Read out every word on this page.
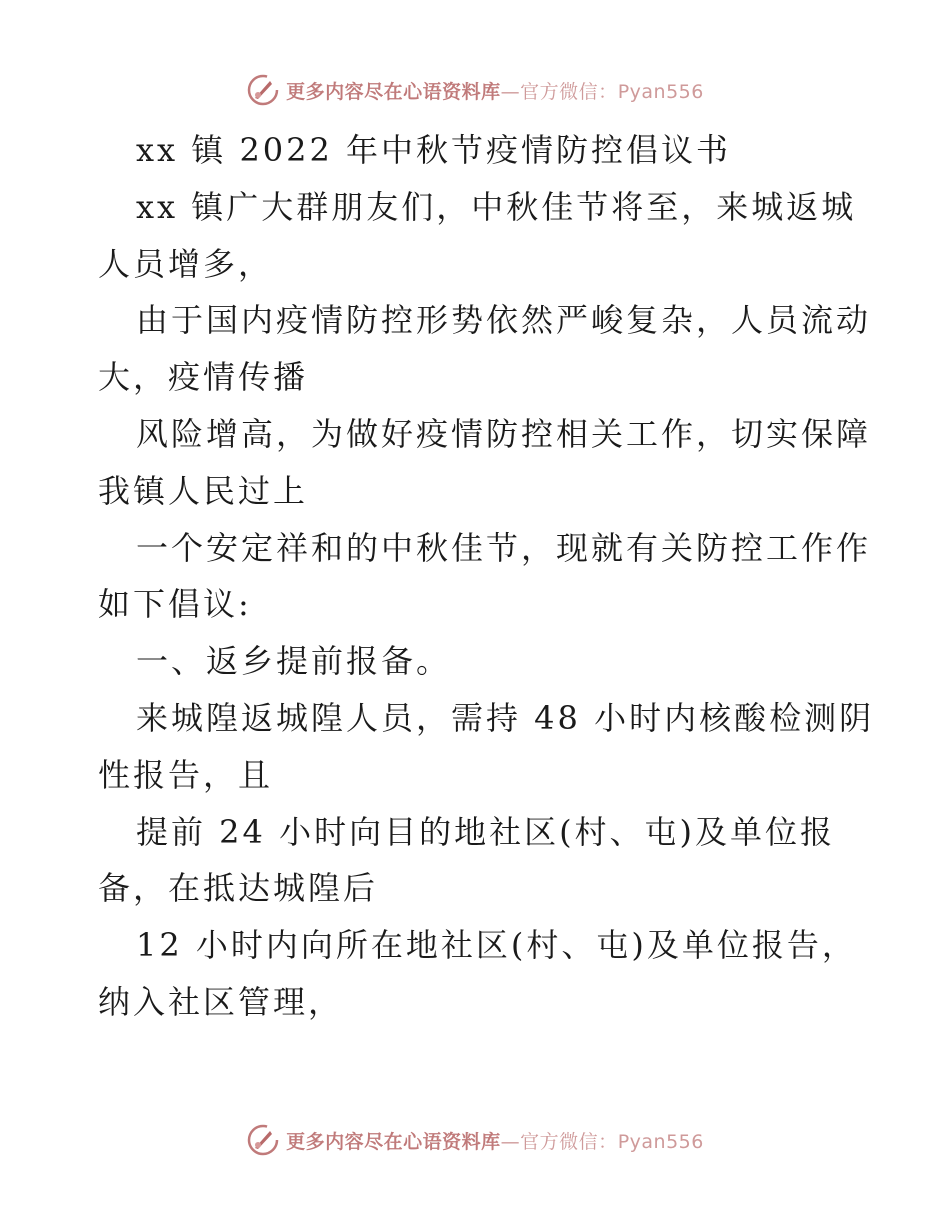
更多内容尽在心语资料库—官方微信：Pyan556
xx 镇 2022 年中秋节疫情防控倡议书
xx 镇广大群朋友们，中秋佳节将至，来城返城
人员增多，
由于国内疫情防控形势依然严峻复杂，人员流动
大，疫情传播
风险增高，为做好疫情防控相关工作，切实保障
我镇人民过上
一个安定祥和的中秋佳节，现就有关防控工作作
如下倡议:
一、返乡提前报备。
来城隍返城隍人员，需持 48 小时内核酸检测阴
性报告，且
提前 24 小时向目的地社区(村、屯)及单位报
备，在抵达城隍后
12 小时内向所在地社区(村、屯)及单位报告，
纳入社区管理，
更多内容尽在心语资料库—官方微信：Pyan556
